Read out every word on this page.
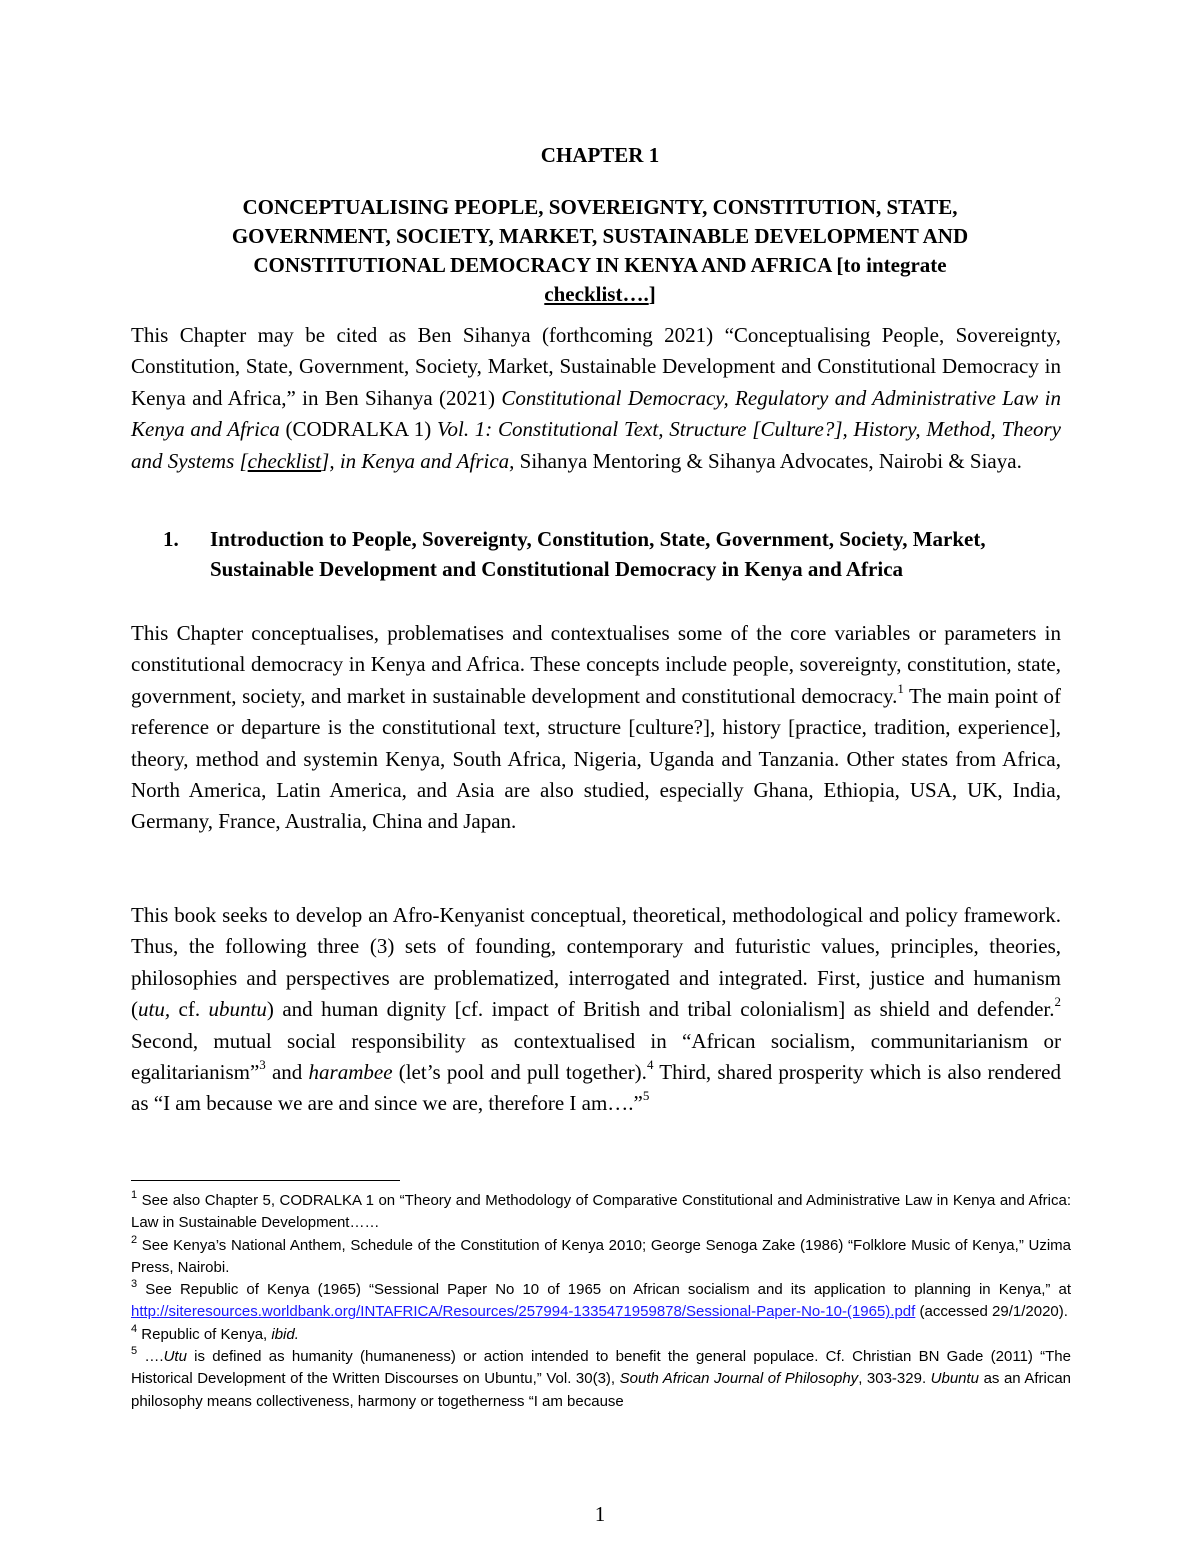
CHAPTER 1
CONCEPTUALISING PEOPLE, SOVEREIGNTY, CONSTITUTION, STATE, GOVERNMENT, SOCIETY, MARKET, SUSTAINABLE DEVELOPMENT AND CONSTITUTIONAL DEMOCRACY IN KENYA AND AFRICA [to integrate
checklist….]
This Chapter may be cited as Ben Sihanya (forthcoming 2021) “Conceptualising People, Sovereignty, Constitution, State, Government, Society, Market, Sustainable Development and Constitutional Democracy in Kenya and Africa,” in Ben Sihanya (2021) Constitutional Democracy, Regulatory and Administrative Law in Kenya and Africa (CODRALKA 1) Vol. 1: Constitutional Text, Structure [Culture?], History, Method, Theory and Systems [checklist], in Kenya and Africa, Sihanya Mentoring & Sihanya Advocates, Nairobi & Siaya.
1.	Introduction to People, Sovereignty, Constitution, State, Government, Society, Market, Sustainable Development and Constitutional Democracy in Kenya and Africa
This Chapter conceptualises, problematises and contextualises some of the core variables or parameters in constitutional democracy in Kenya and Africa. These concepts include people, sovereignty, constitution, state, government, society, and market in sustainable development and constitutional democracy.$^1$ The main point of reference or departure is the constitutional text, structure [culture?], history [practice, tradition, experience], theory, method and systemin Kenya, South Africa, Nigeria, Uganda and Tanzania. Other states from Africa, North America, Latin America, and Asia are also studied, especially Ghana, Ethiopia, USA, UK, India, Germany, France, Australia, China and Japan.
This book seeks to develop an Afro-Kenyanist conceptual, theoretical, methodological and policy framework. Thus, the following three (3) sets of founding, contemporary and futuristic values, principles, theories, philosophies and perspectives are problematized, interrogated and integrated. First, justice and humanism (utu, cf. ubuntu) and human dignity [cf. impact of British and tribal colonialism] as shield and defender.$^2$ Second, mutual social responsibility as contextualised in “African socialism, communitarianism or egalitarianism”$^3$ and harambee (let’s pool and pull together).$^4$ Third, shared prosperity which is also rendered as “I am because we are and since we are, therefore I am….”$^5$

$^1$ See also Chapter 5, CODRALKA 1 on “Theory and Methodology of Comparative Constitutional and Administrative Law in Kenya and Africa: Law in Sustainable Development……

$^2$ See Kenya’s National Anthem, Schedule of the Constitution of Kenya 2010; George Senoga Zake (1986) “Folklore Music of Kenya,” Uzima Press, Nairobi.

$^3$ See Republic of Kenya (1965) “Sessional Paper No 10 of 1965 on African socialism and its application to planning in Kenya,” at http://siteresources.worldbank.org/INTAFRICA/Resources/257994-1335471959878/Sessional-Paper-No-10-(1965).pdf (accessed 29/1/2020).

$^4$ Republic of Kenya, ibid.

$^5$ ….Utu is defined as humanity (humaneness) or action intended to benefit the general populace. Cf. Christian BN Gade (2011) “The Historical Development of the Written Discourses on Ubuntu,” Vol. 30(3), South African Journal of Philosophy, 303-329. Ubuntu as an African philosophy means collectiveness, harmony or togetherness “I am because

1
